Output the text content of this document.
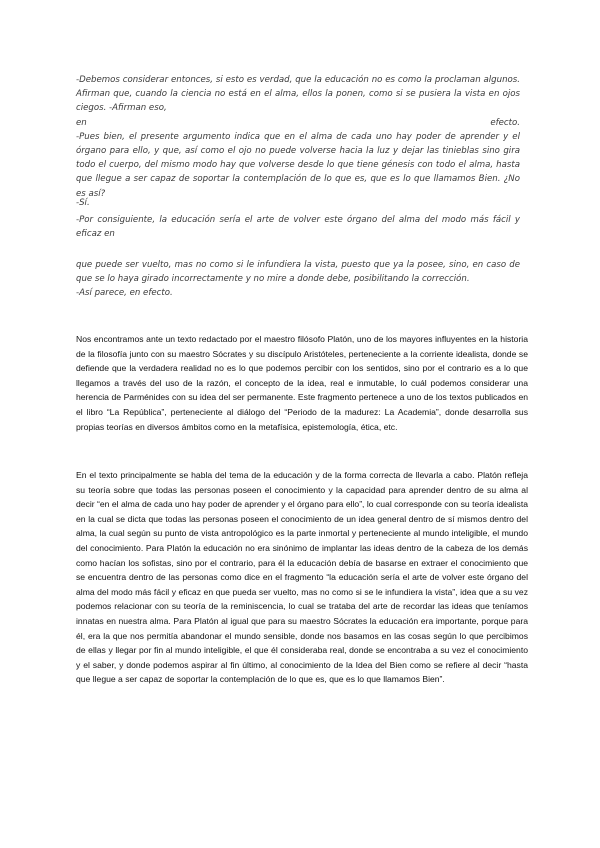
-Debemos considerar entonces, si esto es verdad, que la educación no es como la proclaman algunos. Afirman que, cuando la ciencia no está en el alma, ellos la ponen, como si se pusiera la vista en ojos ciegos. -Afirman eso,
en	efecto.
-Pues bien, el presente argumento indica que en el alma de cada uno hay poder de aprender y el órgano para ello, y que, así como el ojo no puede volverse hacia la luz y dejar las tinieblas sino gira todo el cuerpo, del mismo modo hay que volverse desde lo que tiene génesis con todo el alma, hasta que llegue a ser capaz de soportar la contemplación de lo que es, que es lo que llamamos Bien. ¿No es así?
-Sí.
-Por consiguiente, la educación sería el arte de volver este órgano del alma del modo más fácil y eficaz en
que puede ser vuelto, mas no como si le infundiera la vista, puesto que ya la posee, sino, en caso de que se lo haya girado incorrectamente y no mire a donde debe, posibilitando la corrección.
-Así parece, en efecto.

Nos encontramos ante un texto redactado por el maestro filósofo Platón, uno de los mayores influyentes en la historia de la filosofía junto con su maestro Sócrates y su discípulo Aristóteles, perteneciente a la corriente idealista, donde se defiende que la verdadera realidad no es lo que podemos percibir con los sentidos, sino por el contrario es a lo que llegamos a través del uso de la razón, el concepto de la idea, real e inmutable, lo cuál podemos considerar una herencia de Parménides con su idea del ser permanente. Este fragmento pertenece a uno de los textos publicados en el libro “La República”, perteneciente al diálogo del “Periodo de la madurez: La Academia”, donde desarrolla sus propias teorías en diversos ámbitos como en la metafísica, epistemología, ética, etc.

En el texto principalmente se habla del tema de la educación y de la forma correcta de llevarla a cabo. Platón refleja su teoría sobre que todas las personas poseen el conocimiento y la capacidad para aprender dentro de su alma al decir “en el alma de cada uno hay poder de aprender y el órgano para ello”, lo cual corresponde con su teoría idealista en la cual se dicta que todas las personas poseen el conocimiento de un idea general dentro de sí mismos dentro del alma, la cual según su punto de vista antropológico es la parte inmortal y perteneciente al mundo inteligible, el mundo del conocimiento. Para Platón la educación no era sinónimo de implantar las ideas dentro de la cabeza de los demás como hacían los sofistas, sino por el contrario, para él la educación debía de basarse en extraer el conocimiento que se encuentra dentro de las personas como dice en el fragmento “la educación sería el arte de volver este órgano del alma del modo más fácil y eficaz en que pueda ser vuelto, mas no como si se le infundiera la vista”, idea que a su vez podemos relacionar con su teoría de la reminiscencia, lo cual se trataba del arte de recordar las ideas que teníamos innatas en nuestra alma. Para Platón al igual que para su maestro Sócrates la educación era importante, porque para él, era la que nos permitía abandonar el mundo sensible, donde nos basamos en las cosas según lo que percibimos de ellas y llegar por fin al mundo inteligible, el que él consideraba real, donde se encontraba a su vez el conocimiento y el saber, y donde podemos aspirar al fin último, al conocimiento de la Idea del Bien como se refiere al decir “hasta que llegue a ser capaz de soportar la contemplación de lo que es, que es lo que llamamos Bien”.
